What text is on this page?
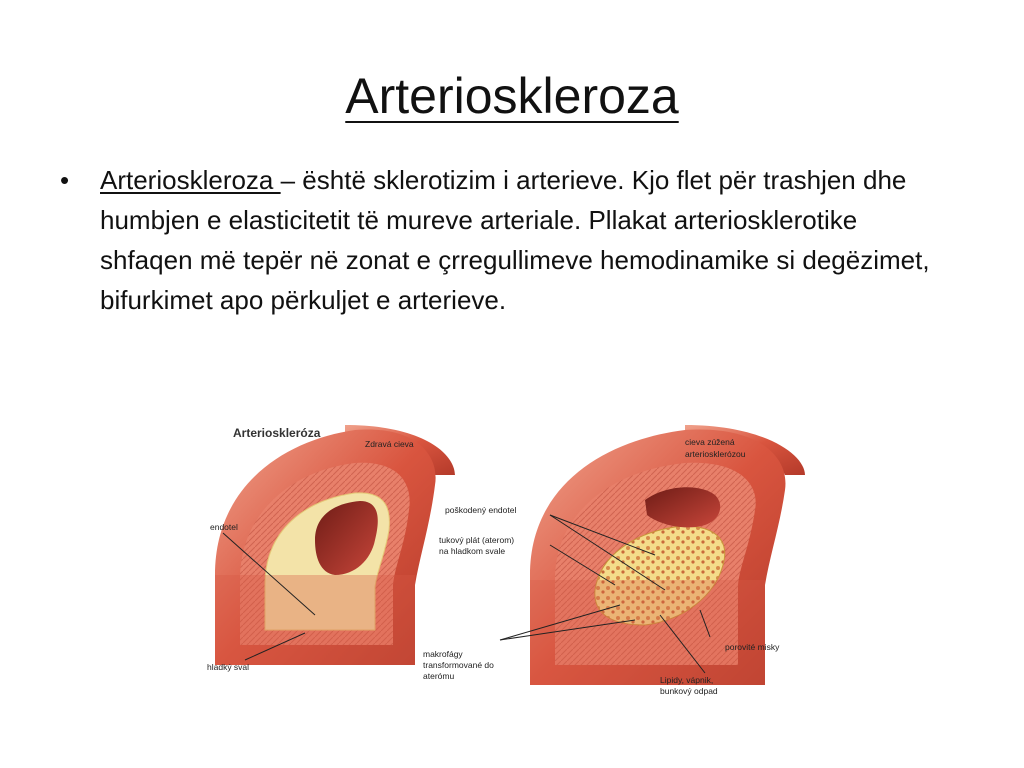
Arterioskleroza
•	Arterioskleroza – është sklerotizim i arterieve. Kjo flet për trashjen dhe humbjen e elasticitetit të mureve arteriale. Pllakat arteriosklerotike shfaqen më tepër në zonat e çrregullimeve hemodinamike si degëzimet, bifurkimet apo përkuljet e arterieve.
Arterioskleróza
Zdravá cieva
endotel
hladký sval
cieva zúžená
arteriosklerózou
poškodený endotel
tukový plát (aterom)
na hladkom svale
makrofágy
transformované do
aterómu
porovité misky
Lipidy, vápnik,
bunkový odpad
